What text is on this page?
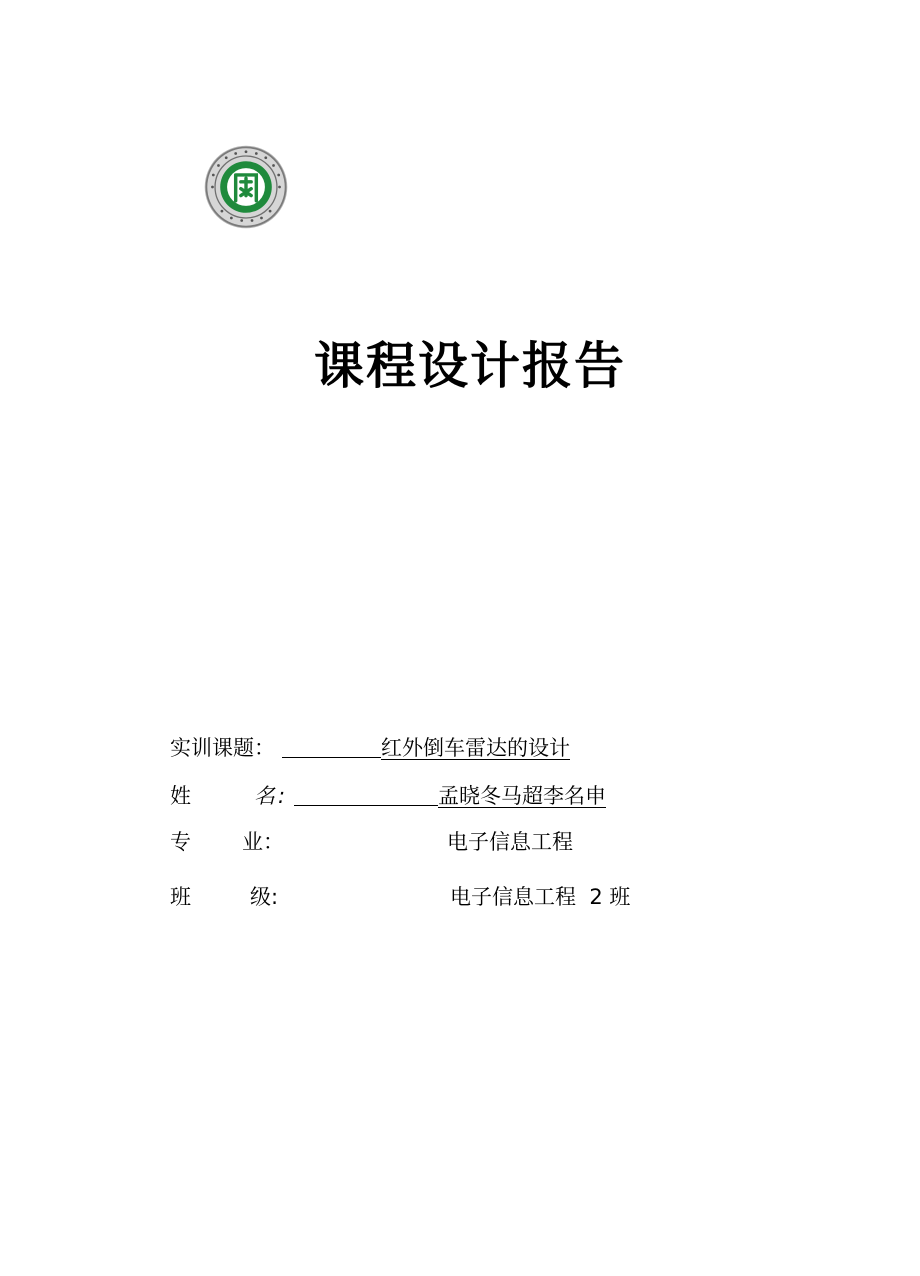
课程设计报告
实训课题：	红外倒车雷达的设计
姓	名 :	孟晓冬马超李名申
专 业：	电子信息工程
班	级:	电子信息工程  2 班
